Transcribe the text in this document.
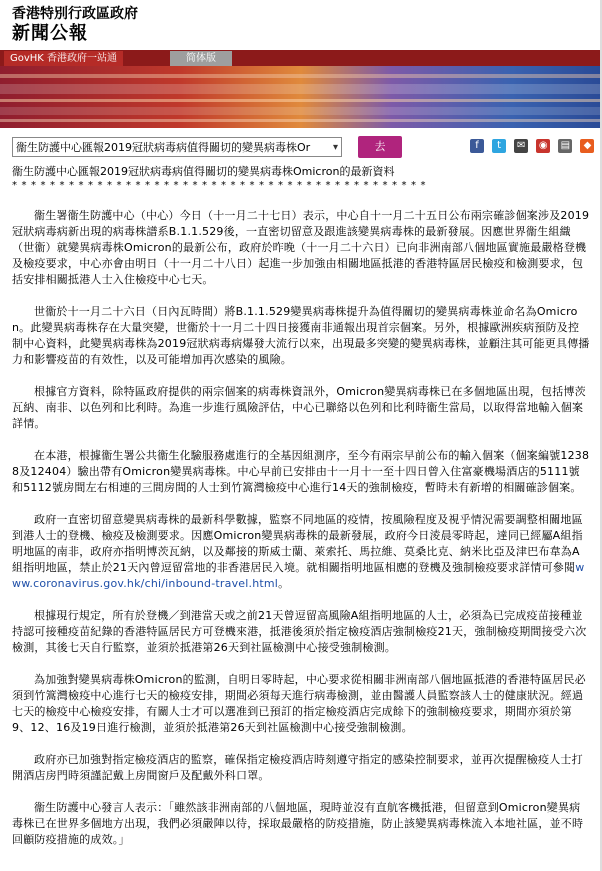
香港特別行政區政府
新聞公報
GovHK 香港政府一站通	简体版
衞生防護中心匯報2019冠狀病毒病值得關切的變異病毒株Or ▾	去	f t ✉ ◉ ▤ ◆
衞生防護中心匯報2019冠狀病毒病值得關切的變異病毒株Omicron的最新資料
********************************************

衞生署衞生防護中心（中心）今日（十一月二十七日）表示，中心自十一月二十五日公布兩宗確診個案涉及2019冠狀病毒病新出現的病毒株譜系B.1.1.529後，一直密切留意及跟進該變異病毒株的最新發展。因應世界衞生組織（世衞）就變異病毒株Omicron的最新公布，政府於昨晚（十一月二十六日）已向非洲南部八個地區實施最嚴格登機及檢疫要求，中心亦會由明日（十一月二十八日）起進一步加強由相關地區抵港的香港特區居民檢疫和檢測要求，包括安排相關抵港人士入住檢疫中心七天。

世衞於十一月二十六日（日內瓦時間）將B.1.1.529變異病毒株提升為值得關切的變異病毒株並命名為Omicron。此變異病毒株存在大量突變，世衞於十一月二十四日接獲南非通報出現首宗個案。另外，根據歐洲疾病預防及控制中心資料，此變異病毒株為2019冠狀病毒病爆發大流行以來，出現最多突變的變異病毒株，並顧注其可能更具傳播力和影響疫苗的有效性，以及可能增加再次感染的風險。

根據官方資料，除特區政府提供的兩宗個案的病毒株資訊外，Omicron變異病毒株已在多個地區出現，包括博茨瓦納、南非、以色列和比利時。為進一步進行風險評估，中心已聯絡以色列和比利時衞生當局，以取得當地輸入個案詳情。

在本港，根據衞生署公共衞生化驗服務處進行的全基因組測序，至今有兩宗早前公布的輸入個案（個案編號12388及12404）驗出帶有Omicron變異病毒株。中心早前已安排由十一月十一至十四日曾入住富豪機場酒店的5111號和5112號房間左右相連的三間房間的人士到竹篙灣檢疫中心進行14天的強制檢疫，暫時未有新增的相關確診個案。

政府一直密切留意變異病毒株的最新科學數據，監察不同地區的疫情，按風險程度及視乎情況需要調整相關地區到港人士的登機、檢疫及檢測要求。因應Omicron變異病毒株的最新發展，政府今日淩晨零時起，達同已經屬A組指明地區的南非，政府亦指明博茨瓦納，以及鄰接的斯威士蘭、萊索托、馬拉維、莫桑比克、納米比亞及津巴布韋為A組指明地區，禁止於21天內曾逗留當地的非香港居民入境。就相關指明地區相應的登機及強制檢疫要求詳情可參閱www.coronavirus.gov.hk/chi/inbound-travel.html。

根據現行規定，所有於登機／到港當天或之前21天曾逗留高風險A組指明地區的人士，必須為已完成疫苗接種並持認可接種疫苗紀錄的香港特區居民方可登機來港，抵港後須於指定檢疫酒店強制檢疫21天，強制檢疫期間接受六次檢測，其後七天自行監察，並須於抵港第26天到社區檢測中心接受強制檢測。

為加強對變異病毒株Omicron的監測，自明日零時起，中心要求從相關非洲南部八個地區抵港的香港特區居民必須到竹篙灣檢疫中心進行七天的檢疫安排，期間必須每天進行病毒檢測，並由醫護人員監察該人士的健康狀況。經過七天的檢疫中心檢疫安排，有關人士才可以選准到已預訂的指定檢疫酒店完成餘下的強制檢疫要求，期間亦須於第9、12、16及19日進行檢測，並須於抵港第26天到社區檢測中心接受強制檢測。

政府亦已加強對指定檢疫酒店的監察，確保指定檢疫酒店時刻遵守指定的感染控制要求，並再次提醒檢疫人士打開酒店房門時須謹記戴上房間窗戶及配戴外科口罩。

衞生防護中心發言人表示：「雖然該非洲南部的八個地區，現時並沒有直航客機抵港，但留意到Omicron變異病毒株已在世界多個地方出現，我們必須嚴陣以待，採取最嚴格的防疫措施，防止該變異病毒株流入本地社區，並不時回顧防疫措施的成效。」
